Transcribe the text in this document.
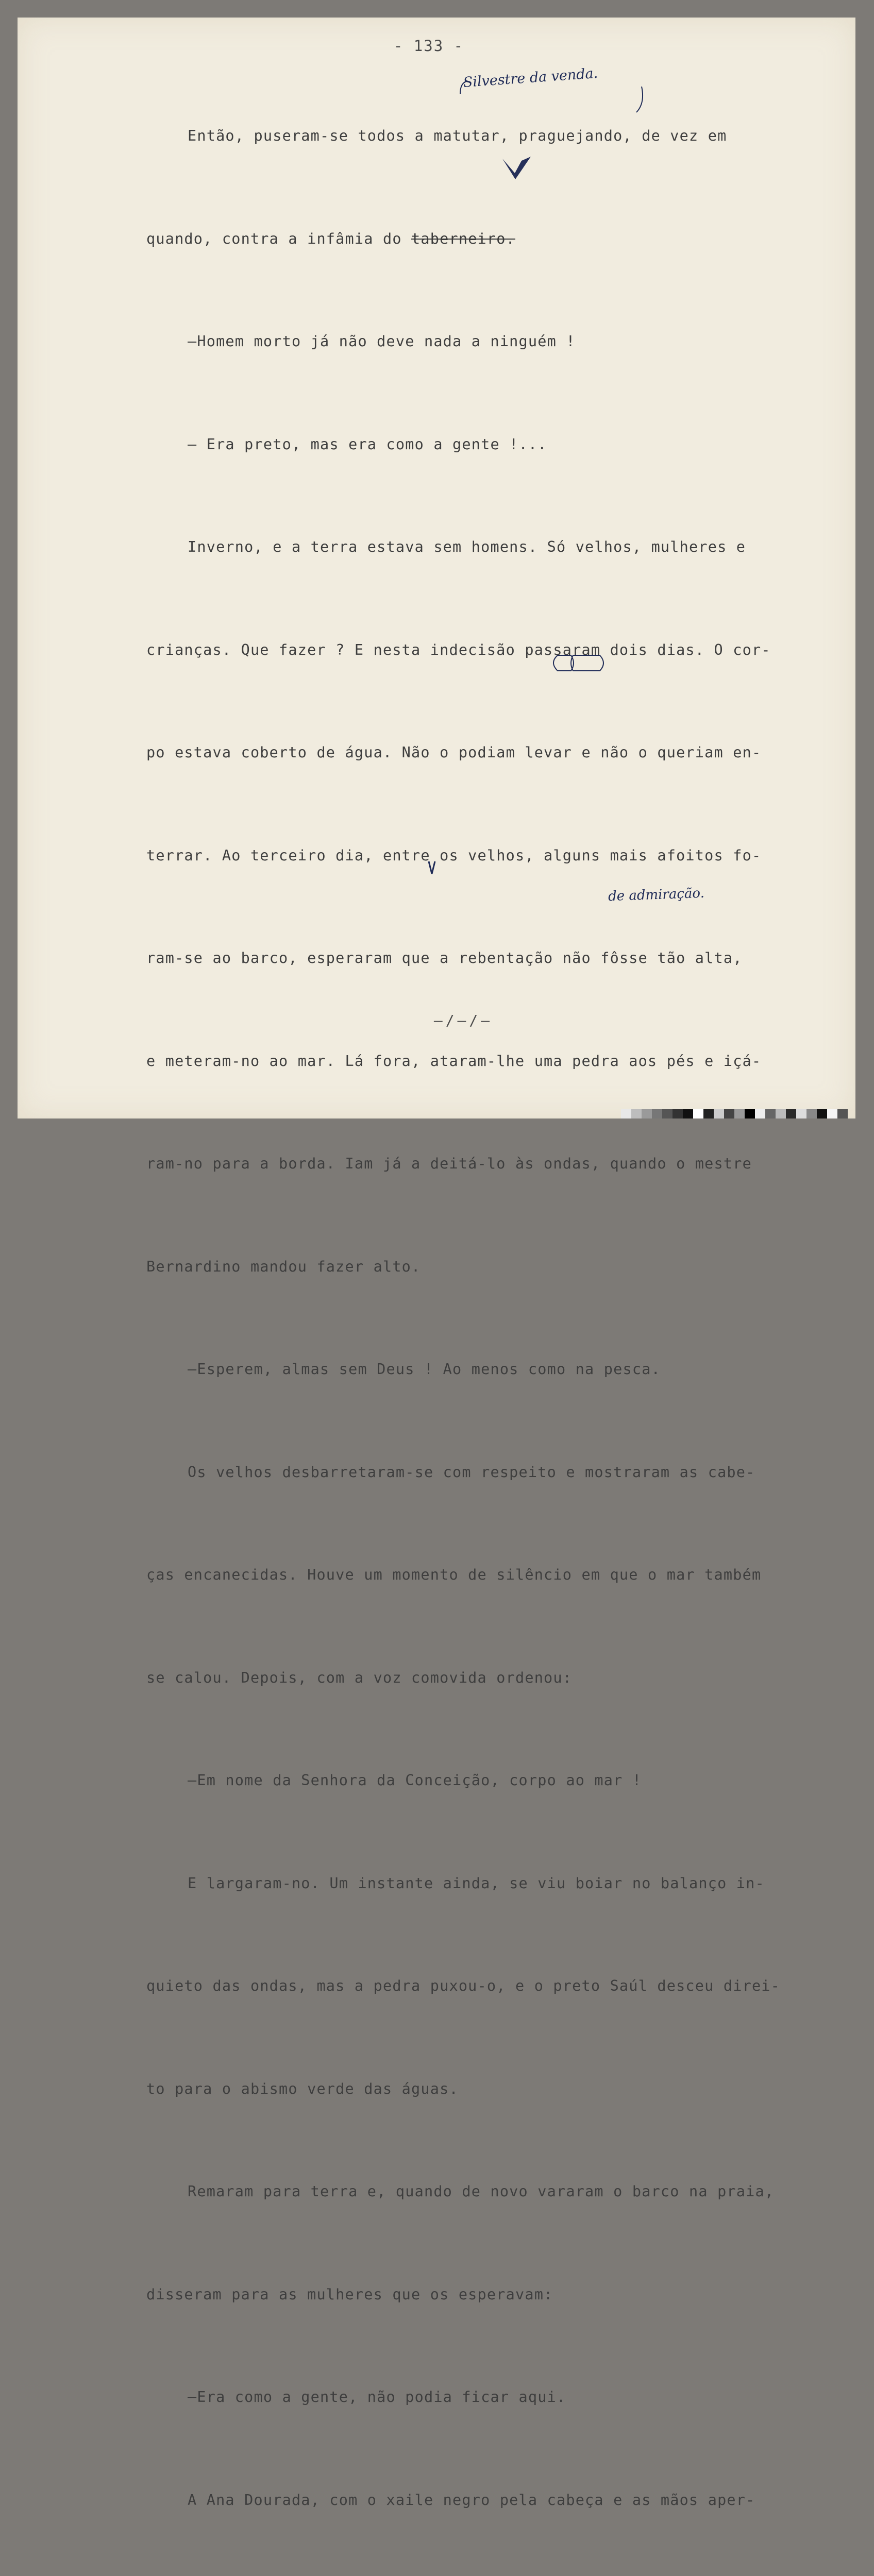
- 133 -

Então, puseram-se todos a matutar, praguejando, de vez em

quando, contra a infâmia do taberneiro.

—Homem morto já não deve nada a ninguém !

— Era preto, mas era como a gente !...

Inverno, e a terra estava sem homens. Só velhos, mulheres e

crianças. Que fazer ? E nesta indecisão passaram dois dias. O cor-

po estava coberto de água. Não o podiam levar e não o queriam en-

terrar. Ao terceiro dia, entre os velhos, alguns mais afoitos fo-

ram-se ao barco, esperaram que a rebentação não fôsse tão alta,

e meteram-no ao mar. Lá fora, ataram-lhe uma pedra aos pés e içá-

ram-no para a borda. Iam já a deitá-lo às ondas, quando o mestre

Bernardino mandou fazer alto.

—Esperem, almas sem Deus ! Ao menos como na pesca.

Os velhos desbarretaram-se com respeito e mostraram as cabe-

ças encanecidas. Houve um momento de silêncio em que o mar também

se calou. Depois, com a voz comovida ordenou:

—Em nome da Senhora da Conceição, corpo ao mar !

E largaram-no. Um instante ainda, se viu boiar no balanço in-

quieto das ondas, mas a pedra puxou-o, e o preto Saúl desceu direi-

to para o abismo verde das águas.

Remaram para terra e, quando de novo vararam o barco na praia,

disseram para as mulheres que os esperavam:

—Era como a gente, não podia ficar aqui.

A Ana Dourada, com o xaile negro pela cabeça e as mãos aper-

Silvestre da venda.
de admiração.
—/—/—
